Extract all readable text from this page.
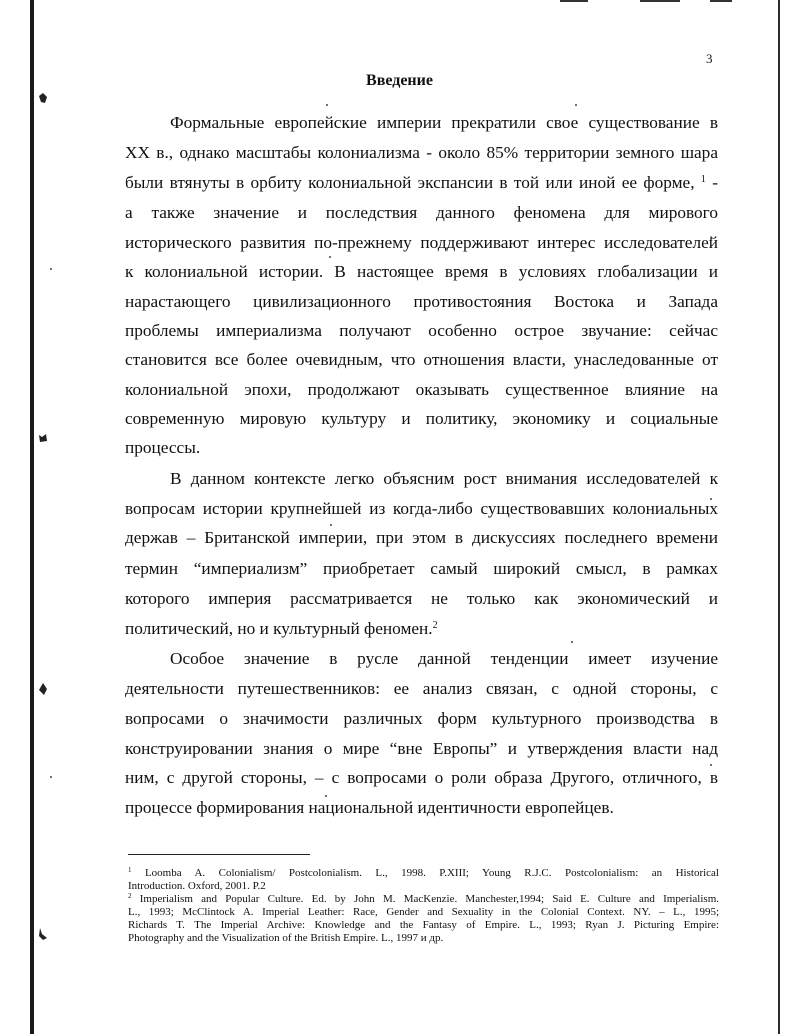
3
Введение
Формальные европейские империи прекратили свое существование в
XX в., однако масштабы колониализма - около 85% территории земного шара
были втянуты в орбиту колониальной экспансии в той или иной ее форме, $^1$ -
а также значение и последствия данного феномена для мирового
исторического развития по-прежнему поддерживают интерес исследователей
к колониальной истории. В настоящее время в условиях глобализации и
нарастающего цивилизационного противостояния Востока и Запада
проблемы империализма получают особенно острое звучание: сейчас
становится все более очевидным, что отношения власти, унаследованные от
колониальной эпохи, продолжают оказывать существенное влияние на
современную мировую культуру и политику, экономику и социальные
процессы.
В данном контексте легко объясним рост внимания исследователей к
вопросам истории крупнейшей из когда-либо существовавших колониальных
держав – Британской империи, при этом в дискуссиях последнего времени
термин “империализм” приобретает самый широкий смысл, в рамках
которого империя рассматривается не только как экономический и
политический, но и культурный феномен.$^2$
Особое значение в русле данной тенденции имеет изучение
деятельности путешественников: ее анализ связан, с одной стороны, с
вопросами о значимости различных форм культурного производства в
конструировании знания о мире “вне Европы” и утверждения власти над
ним, с другой стороны, – с вопросами о роли образа Другого, отличного, в
процессе формирования национальной идентичности европейцев.
$^1$ Loomba A. Colonialism/ Postcolonialism. L., 1998. P.XIII; Young R.J.C. Postcolonialism: an Historical
Introduction. Oxford, 2001. P.2
$^2$ Imperialism and Popular Culture. Ed. by John M. MacKenzie. Manchester,1994; Said E. Culture and Imperialism.
L., 1993; McClintock A. Imperial Leather: Race, Gender and Sexuality in the Colonial Context. NY. – L., 1995;
Richards T. The Imperial Archive: Knowledge and the Fantasy of Empire. L., 1993; Ryan J. Picturing Empire:
Photography and the Visualization of the British Empire. L., 1997 и др.
